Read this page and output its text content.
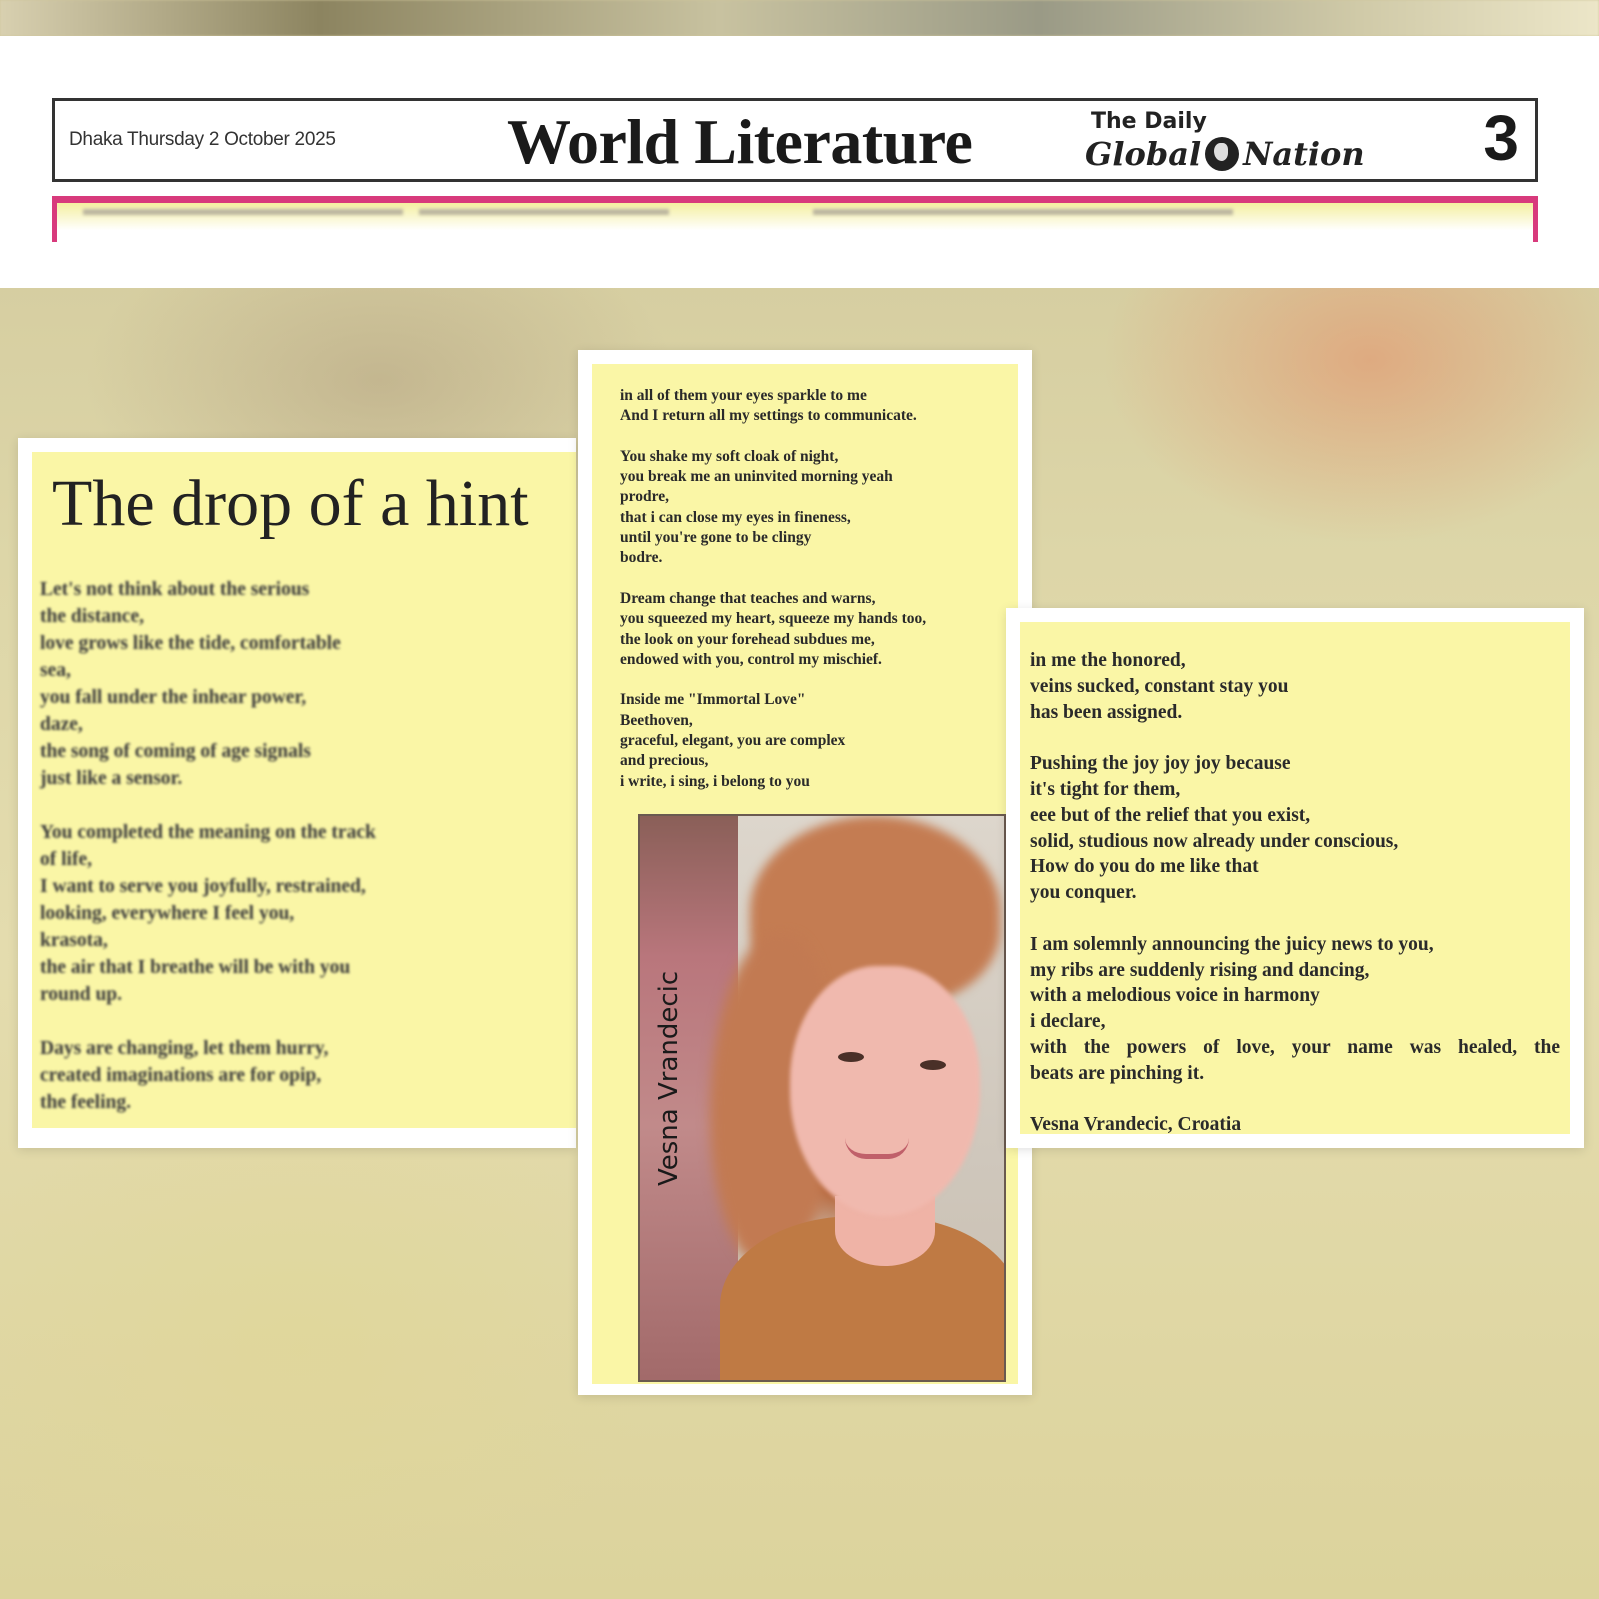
Dhaka Thursday 2 October 2025	World Literature	The Daily
Global Nation 3
The drop of a hint
Let's not think about the serious
the distance,
love grows like the tide, comfortable
sea,
you fall under the inhear power,
daze,
the song of coming of age signals
just like a sensor.
You completed the meaning on the track
of life,
I want to serve you joyfully, restrained,
looking, everywhere I feel you,
krasota,
the air that I breathe will be with you
round up.
Days are changing, let them hurry,
created imaginations are for opip,
the feeling.
in all of them your eyes sparkle to me
And I return all my settings to communicate.
You shake my soft cloak of night,
you break me an uninvited morning yeah
prodre,
that i can close my eyes in fineness,
until you're gone to be clingy
bodre.
Dream change that teaches and warns,
you squeezed my heart, squeeze my hands too,
the look on your forehead subdues me,
endowed with you, control my mischief.
Inside me "Immortal Love"
Beethoven,
graceful, elegant, you are complex
and precious,
i write, i sing, i belong to you
Vesna Vrandecic
in me the honored,
veins sucked, constant stay you
has been assigned.
Pushing the joy joy joy because
it's tight for them,
eee but of the relief that you exist,
solid, studious now already under conscious,
How do you do me like that
you conquer.
I am solemnly announcing the juicy news to you,
my ribs are suddenly rising and dancing,
with a melodious voice in harmony
i declare,
with the powers of love, your name was healed, the
beats are pinching it.
Vesna Vrandecic, Croatia
